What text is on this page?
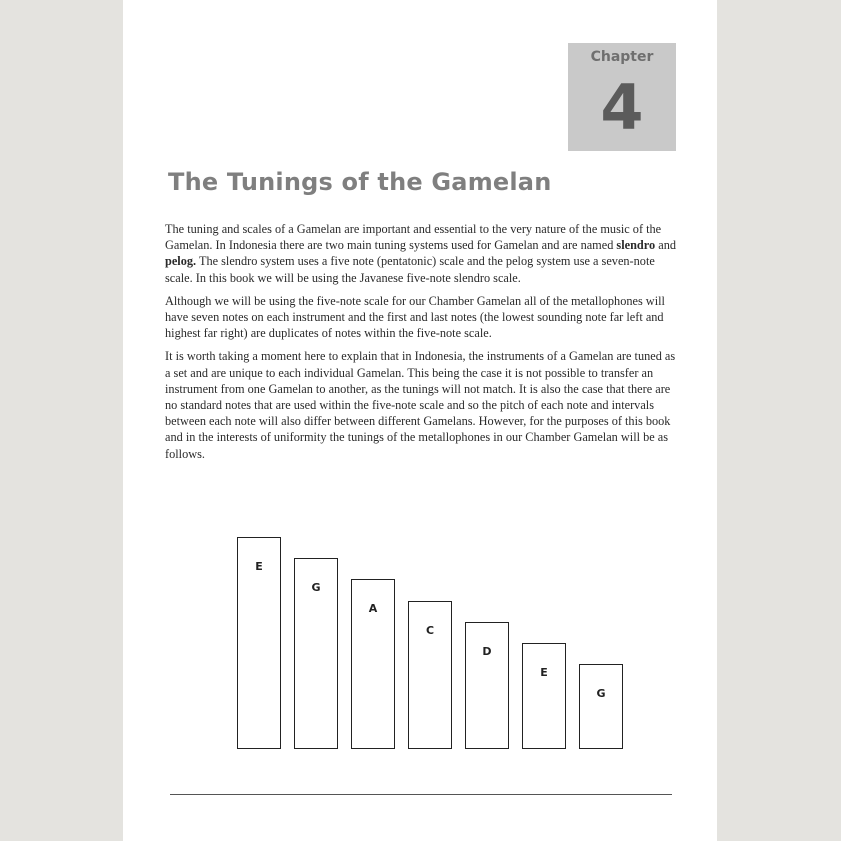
Chapter
4
The Tunings of the Gamelan

The tuning and scales of a Gamelan are important and essential to the very nature of the music of the Gamelan. In Indonesia there are two main tuning systems used for Gamelan and are named slendro and pelog. The slendro system uses a five note (pentatonic) scale and the pelog system use a seven-note scale. In this book we will be using the Javanese five-note slendro scale.

Although we will be using the five-note scale for our Chamber Gamelan all of the metallophones will have seven notes on each instrument and the first and last notes (the lowest sounding note far left and highest far right) are duplicates of notes within the five-note scale.

It is worth taking a moment here to explain that in Indonesia, the instruments of a Gamelan are tuned as a set and are unique to each individual Gamelan. This being the case it is not possible to transfer an instrument from one Gamelan to another, as the tunings will not match. It is also the case that there are no standard notes that are used within the five-note scale and so the pitch of each note and intervals between each note will also differ between different Gamelans. However, for the purposes of this book and in the interests of uniformity the tunings of the metallophones in our Chamber Gamelan will be as follows.

E
G
A
C
D
E
G
